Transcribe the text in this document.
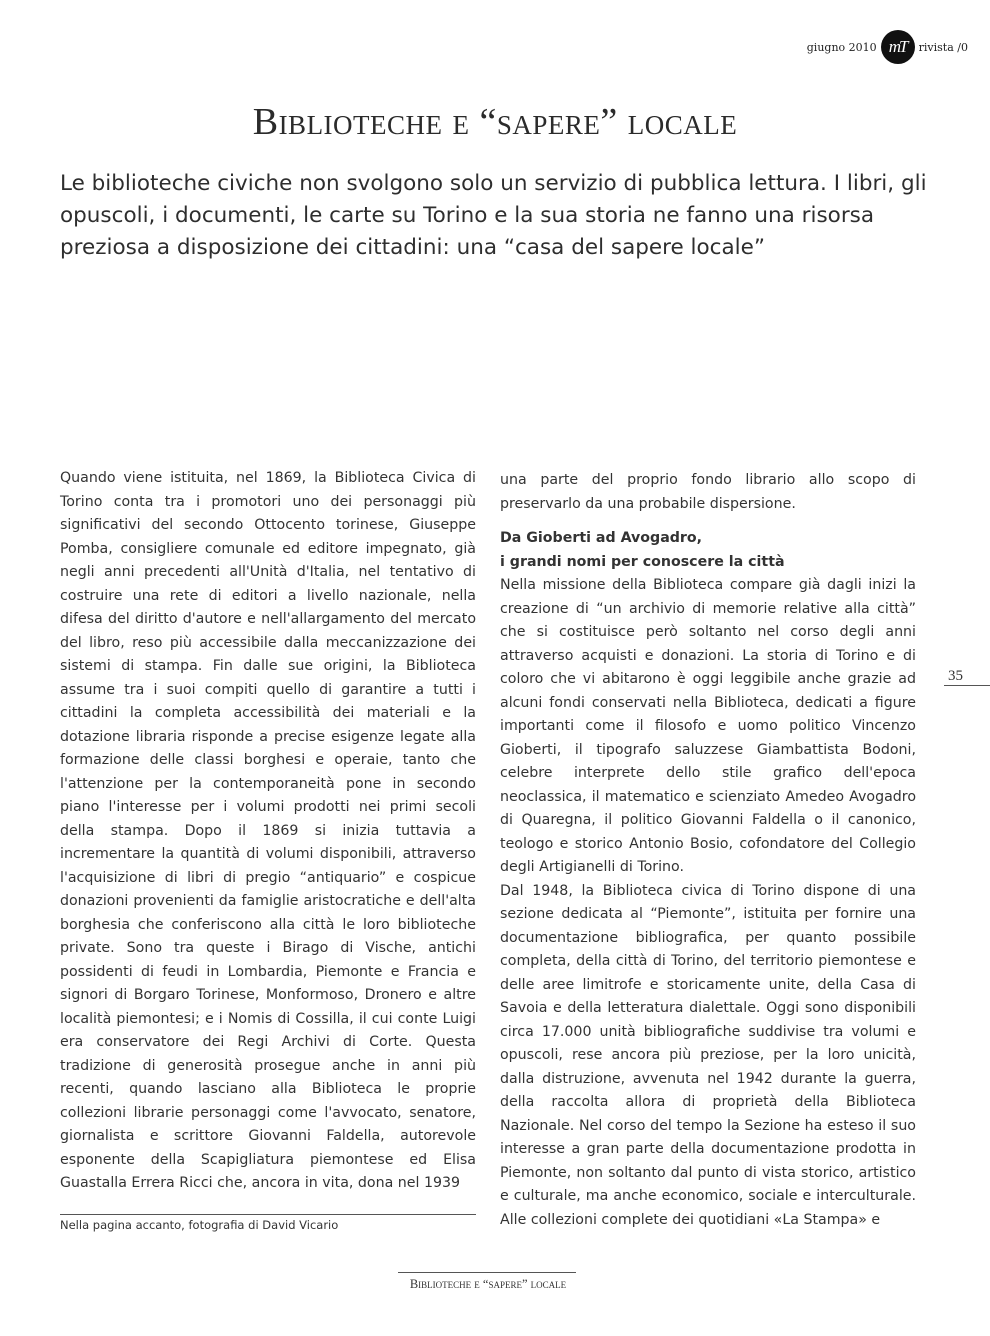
giugno 2010 mT	rivista /0
Biblioteche e “sapere” locale

Le biblioteche civiche non svolgono solo un servizio di pubblica lettura. I libri, gli opuscoli, i documenti, le carte su Torino e la sua storia ne fanno una risorsa preziosa a disposizione dei cittadini: una “casa del sapere locale”

Quando viene istituita, nel 1869, la Biblioteca Civica di Torino conta tra i promotori uno dei personaggi più significativi del secondo Ottocento torinese, Giuseppe Pomba, consigliere comunale ed editore impegnato, già negli anni precedenti all'Unità d'Italia, nel tentativo di costruire una rete di editori a livello nazionale, nella difesa del diritto d'autore e nell'allargamento del mercato del libro, reso più accessibile dalla meccanizzazione dei sistemi di stampa. Fin dalle sue origini, la Biblioteca assume tra i suoi compiti quello di garantire a tutti i cittadini la completa accessibilità dei materiali e la dotazione libraria risponde a precise esigenze legate alla formazione delle classi borghesi e operaie, tanto che l'attenzione per la contemporaneità pone in secondo piano l'interesse per i volumi prodotti nei primi secoli della stampa. Dopo il 1869 si inizia tuttavia a incrementare la quantità di volumi disponibili, attraverso l'acquisizione di libri di pregio “antiquario” e cospicue donazioni provenienti da famiglie aristocratiche e dell'alta borghesia che conferiscono alla città le loro biblioteche private. Sono tra queste i Birago di Vische, antichi possidenti di feudi in Lombardia, Piemonte e Francia e signori di Borgaro Torinese, Monformoso, Dronero e altre località piemontesi; e i Nomis di Cossilla, il cui conte Luigi era conservatore dei Regi Archivi di Corte. Questa tradizione di generosità prosegue anche in anni più recenti, quando lasciano alla Biblioteca le proprie collezioni librarie personaggi come l'avvocato, senatore, giornalista e scrittore Giovanni Faldella, autorevole esponente della Scapigliatura piemontese ed Elisa Guastalla Errera Ricci che, ancora in vita, dona nel 1939

una parte del proprio fondo librario allo scopo di preservarlo da una probabile dispersione.

Da Gioberti ad Avogadro,
i grandi nomi per conoscere la città

Nella missione della Biblioteca compare già dagli inizi la creazione di “un archivio di memorie relative alla città” che si costituisce però soltanto nel corso degli anni attraverso acquisti e donazioni. La storia di Torino e di coloro che vi abitarono è oggi leggibile anche grazie ad alcuni fondi conservati nella Biblioteca, dedicati a figure importanti come il filosofo e uomo politico Vincenzo Gioberti, il tipografo saluzzese Giambattista Bodoni, celebre interprete dello stile grafico dell'epoca neoclassica, il matematico e scienziato Amedeo Avogadro di Quaregna, il politico Giovanni Faldella o il canonico, teologo e storico Antonio Bosio, cofondatore del Collegio degli Artigianelli di Torino.

Dal 1948, la Biblioteca civica di Torino dispone di una sezione dedicata al “Piemonte”, istituita per fornire una documentazione bibliografica, per quanto possibile completa, della città di Torino, del territorio piemontese e delle aree limitrofe e storicamente unite, della Casa di Savoia e della letteratura dialettale. Oggi sono disponibili circa 17.000 unità bibliografiche suddivise tra volumi e opuscoli, rese ancora più preziose, per la loro unicità, dalla distruzione, avvenuta nel 1942 durante la guerra, della raccolta allora di proprietà della Biblioteca Nazionale. Nel corso del tempo la Sezione ha esteso il suo interesse a gran parte della documentazione prodotta in Piemonte, non soltanto dal punto di vista storico, artistico e culturale, ma anche economico, sociale e interculturale. Alle collezioni complete dei quotidiani «La Stampa» e

Nella pagina accanto, fotografia di David Vicario
35
Biblioteche e “sapere” locale
